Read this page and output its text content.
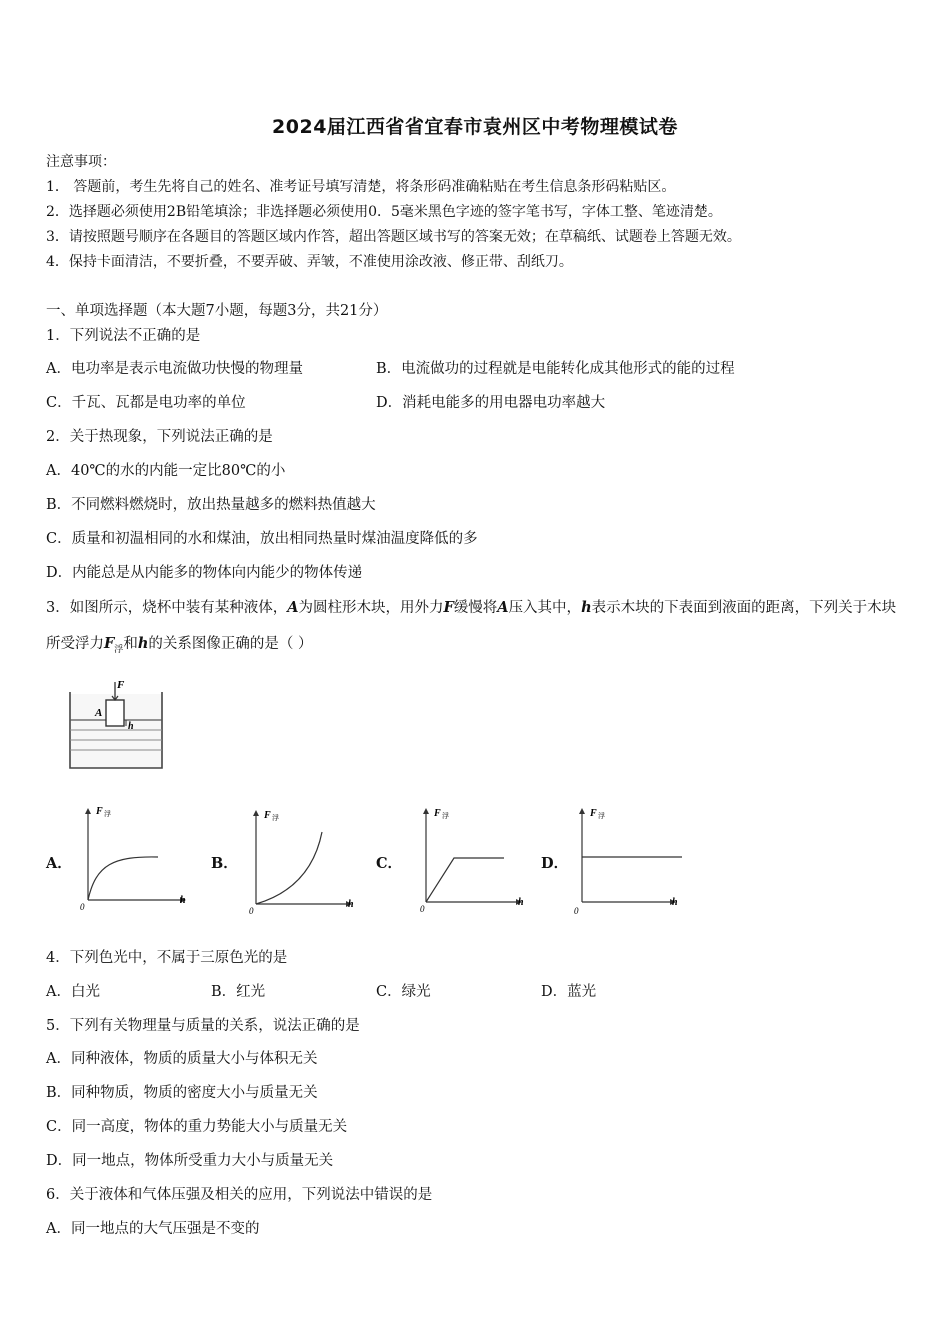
2024届江西省省宜春市袁州区中考物理模试卷
注意事项：
1． 答题前，考生先将自己的姓名、准考证号填写清楚，将条形码准确粘贴在考生信息条形码粘贴区。
2．选择题必须使用2B铅笔填涂；非选择题必须使用0．5毫米黑色字迹的签字笔书写，字体工整、笔迹清楚。
3．请按照题号顺序在各题目的答题区域内作答，超出答题区域书写的答案无效；在草稿纸、试题卷上答题无效。
4．保持卡面清洁，不要折叠，不要弄破、弄皱，不准使用涂改液、修正带、刮纸刀。
一、单项选择题（本大题7小题，每题3分，共21分）
1．下列说法不正确的是
A．电功率是表示电流做功快慢的物理量	B．电流做功的过程就是电能转化成其他形式的能的过程
C．千瓦、瓦都是电功率的单位	D．消耗电能多的用电器电功率越大
2．关于热现象，下列说法正确的是
A．40℃的水的内能一定比80℃的小
B．不同燃料燃烧时，放出热量越多的燃料热值越大
C．质量和初温相同的水和煤油，放出相同热量时煤油温度降低的多
D．内能总是从内能多的物体向内能少的物体传递
3．如图所示，烧杯中装有某种液体，A为圆柱形木块，用外力F缓慢将A压入其中，h表示木块的下表面到液面的距离，下列关于木块所受浮力$F_浮$和h的关系图像正确的是（ ）
F
A
h
A．
F 浮
h
0
B．
F 浮
h
0
C．
F 浮
h
0
D．
F 浮
h
0
4．下列色光中，不属于三原色光的是
A．白光	B．红光	C．绿光	D．蓝光
5．下列有关物理量与质量的关系，说法正确的是
A．同种液体，物质的质量大小与体积无关
B．同种物质，物质的密度大小与质量无关
C．同一高度，物体的重力势能大小与质量无关
D．同一地点，物体所受重力大小与质量无关
6．关于液体和气体压强及相关的应用，下列说法中错误的是
A．同一地点的大气压强是不变的
